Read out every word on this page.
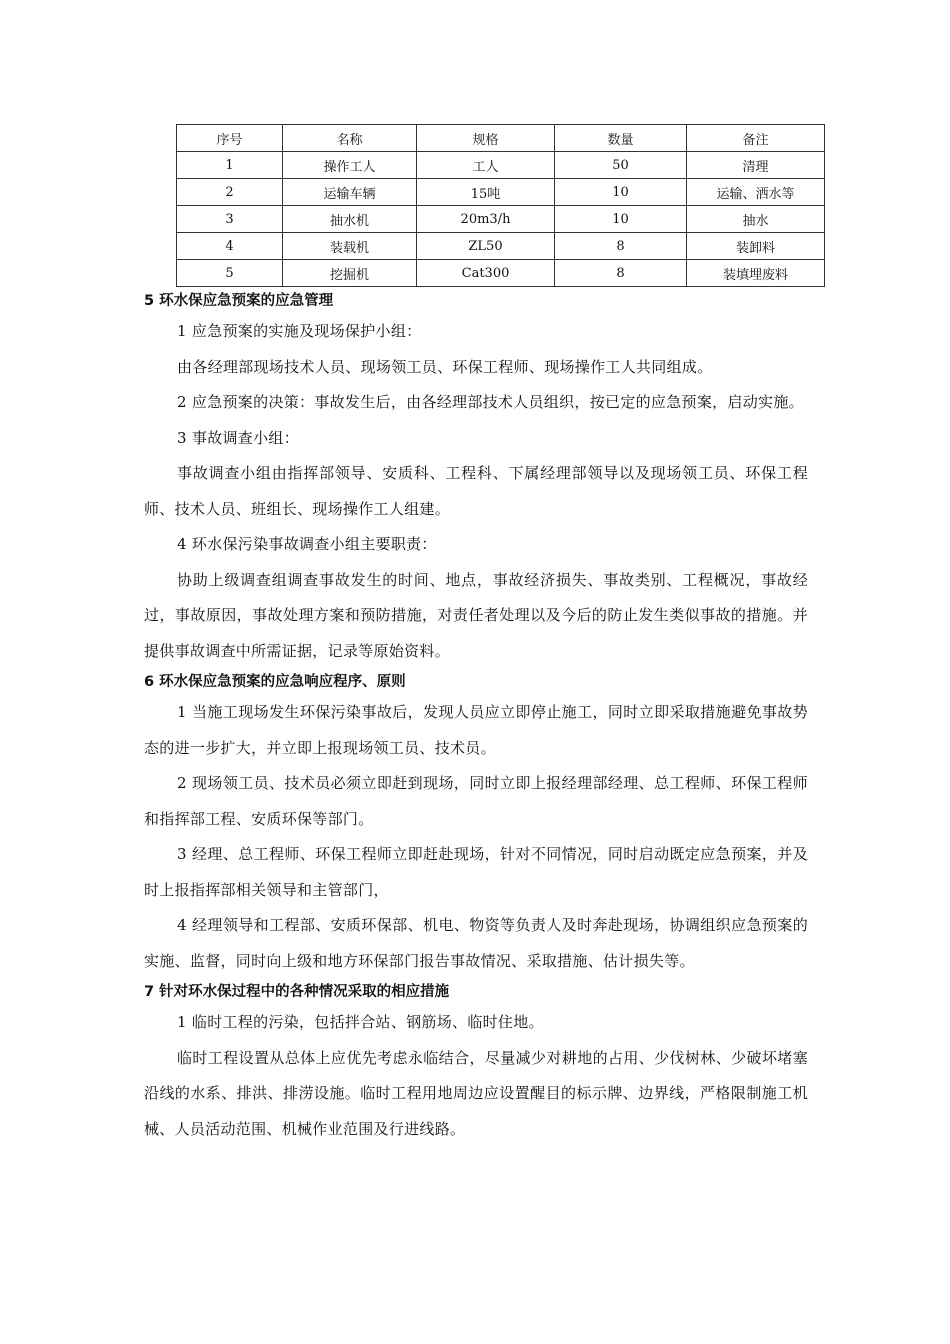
序号	名称	规格	数量	备注
1	操作工人	工人	50	清理
2	运输车辆	15吨	10	运输、洒水等
3	抽水机	20m3/h	10	抽水
4	装载机	ZL50	8	装卸料
5	挖掘机	Cat300	8	装填埋废料
5 环水保应急预案的应急管理

1 应急预案的实施及现场保护小组：

由各经理部现场技术人员、现场领工员、环保工程师、现场操作工人共同组成。

2 应急预案的决策：事故发生后，由各经理部技术人员组织，按已定的应急预案，启动实施。

3 事故调查小组：

事故调查小组由指挥部领导、安质科、工程科、下属经理部领导以及现场领工员、环保工程师、技术人员、班组长、现场操作工人组建。

4 环水保污染事故调查小组主要职责：

协助上级调查组调查事故发生的时间、地点，事故经济损失、事故类别、工程概况，事故经过，事故原因，事故处理方案和预防措施，对责任者处理以及今后的防止发生类似事故的措施。并提供事故调查中所需证据，记录等原始资料。

6 环水保应急预案的应急响应程序、原则

1 当施工现场发生环保污染事故后，发现人员应立即停止施工，同时立即采取措施避免事故势态的进一步扩大，并立即上报现场领工员、技术员。

2 现场领工员、技术员必须立即赶到现场，同时立即上报经理部经理、总工程师、环保工程师和指挥部工程、安质环保等部门。

3 经理、总工程师、环保工程师立即赶赴现场，针对不同情况，同时启动既定应急预案，并及时上报指挥部相关领导和主管部门，

4 经理领导和工程部、安质环保部、机电、物资等负责人及时奔赴现场，协调组织应急预案的实施、监督，同时向上级和地方环保部门报告事故情况、采取措施、估计损失等。

7 针对环水保过程中的各种情况采取的相应措施

1 临时工程的污染，包括拌合站、钢筋场、临时住地。

临时工程设置从总体上应优先考虑永临结合，尽量减少对耕地的占用、少伐树林、少破坏堵塞沿线的水系、排洪、排涝设施。临时工程用地周边应设置醒目的标示牌、边界线，严格限制施工机械、人员活动范围、机械作业范围及行进线路。
